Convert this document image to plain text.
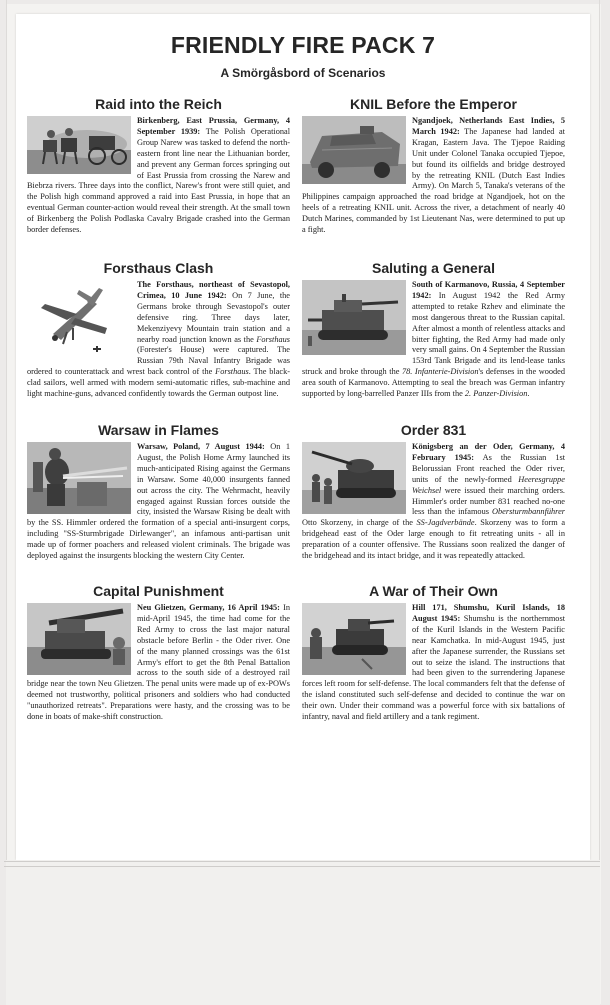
FRIENDLY FIRE PACK 7
A Smörgåsbord of Scenarios
Raid into the Reich

Birkenberg, East Prussia, Germany, 4 September 1939: The Polish Operational Group Narew was tasked to defend the north-eastern front line near the Lithuanian border, and prevent any German forces springing out of East Prussia from crossing the Narew and Biebrza rivers. Three days into the conflict, Narew's front were still quiet, and the Polish high command approved a raid into East Prussia, in hope that an eventual German counter-action would reveal their strength. At the small town of Birkenberg the Polish Podlaska Cavalry Brigade crashed into the German border defenses.

KNIL Before the Emperor

Ngandjoek, Netherlands East Indies, 5 March 1942: The Japanese had landed at Kragan, Eastern Java. The Tjepoe Raiding Unit under Colonel Tanaka occupied Tjepoe, but found its oilfields and bridge destroyed by the retreating KNIL (Dutch East Indies Army). On March 5, Tanaka's veterans of the Philippines campaign approached the road bridge at Ngandjoek, hot on the heels of a retreating KNIL unit. Across the river, a detachment of nearly 40 Dutch Marines, commanded by 1st Lieutenant Nas, were determined to put up a fight.

Forsthaus Clash

The Forsthaus, northeast of Sevastopol, Crimea, 10 June 1942: On 7 June, the Germans broke through Sevastopol's outer defensive ring. Three days later, Mekenziyevy Mountain train station and a nearby road junction known as the Forsthaus (Forester's House) were captured. The Russian 79th Naval Infantry Brigade was ordered to counterattack and wrest back control of the Forsthaus. The black-clad sailors, well armed with modern semi-automatic rifles, sub-machine and light machine-guns, advanced confidently towards the German outpost line.

Saluting a General

South of Karmanovo, Russia, 4 September 1942: In August 1942 the Red Army attempted to retake Rzhev and eliminate the most dangerous threat to the Russian capital. After almost a month of relentless attacks and bitter fighting, the Red Army had made only very small gains. On 4 September the Russian 153rd Tank Brigade and its lend-lease tanks struck and broke through the 78. Infanterie-Division's defenses in the wooded area south of Karmanovo. Attempting to seal the breach was German infantry supported by long-barrelled Panzer IIIs from the 2. Panzer-Division.

Warsaw in Flames

Warsaw, Poland, 7 August 1944: On 1 August, the Polish Home Army launched its much-anticipated Rising against the Germans in Warsaw. Some 40,000 insurgents fanned out across the city. The Wehrmacht, heavily engaged against Russian forces outside the city, insisted the Warsaw Rising be dealt with by the SS. Himmler ordered the formation of a special anti-insurgent corps, including "SS-Sturmbrigade Dirlewanger", an infamous anti-partisan unit made up of former poachers and released violent criminals. The brigade was deployed against the insurgents blocking the western City Center.

Order 831

Königsberg an der Oder, Germany, 4 February 1945: As the Russian 1st Belorussian Front reached the Oder river, units of the newly-formed Heeresgruppe Weichsel were issued their marching orders. Himmler's order number 831 reached no-one less than the infamous Obersturmbannführer Otto Skorzeny, in charge of the SS-Jagdverbände. Skorzeny was to form a bridgehead east of the Oder large enough to fit retreating units - all in preparation of a counter offensive. The Russians soon realized the danger of the bridgehead and its intact bridge, and it was repeatedly attacked.

Capital Punishment

Neu Glietzen, Germany, 16 April 1945: In mid-April 1945, the time had come for the Red Army to cross the last major natural obstacle before Berlin - the Oder river. One of the many planned crossings was the 61st Army's effort to get the 8th Penal Battalion across to the south side of a destroyed rail bridge near the town Neu Glietzen. The penal units were made up of ex-POWs deemed not trustworthy, political prisoners and soldiers who had conducted "unauthorized retreats". Preparations were hasty, and the crossing was to be done in boats of make-shift construction.

A War of Their Own

Hill 171, Shumshu, Kuril Islands, 18 August 1945: Shumshu is the northernmost of the Kuril Islands in the Western Pacific near Kamchatka. In mid-August 1945, just after the Japanese surrender, the Russians set out to seize the island. The instructions that had been given to the surrendering Japanese forces left room for self-defense. The local commanders felt that the defense of the island constituted such self-defense and decided to continue the war on their own. Under their command was a powerful force with six battalions of infantry, naval and field artillery and a tank regiment.
